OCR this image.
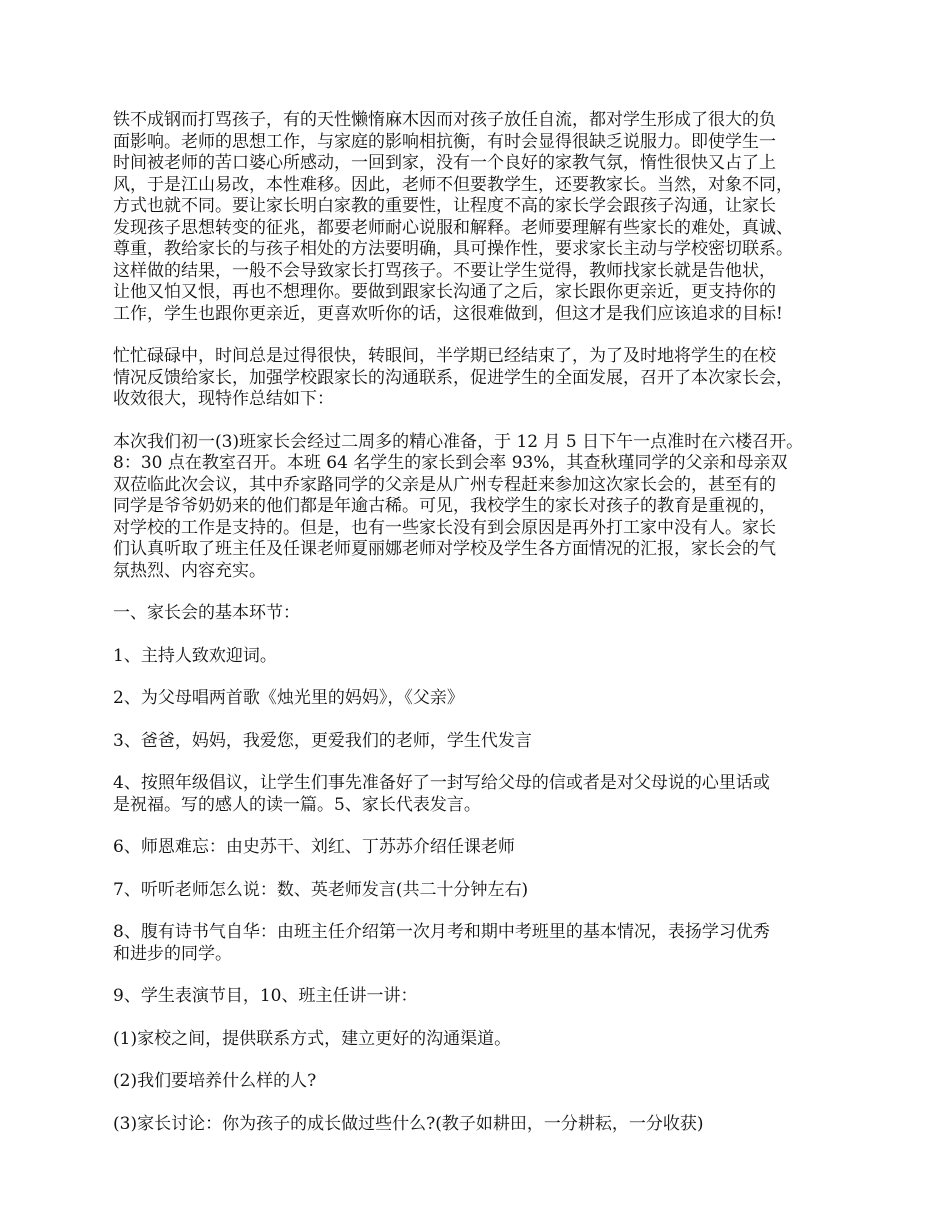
铁不成钢而打骂孩子，有的天性懒惰麻木因而对孩子放任自流，都对学生形成了很大的负
面影响。老师的思想工作，与家庭的影响相抗衡，有时会显得很缺乏说服力。即使学生一
时间被老师的苦口婆心所感动，一回到家，没有一个良好的家教气氛，惰性很快又占了上
风，于是江山易改，本性难移。因此，老师不但要教学生，还要教家长。当然，对象不同，
方式也就不同。要让家长明白家教的重要性，让程度不高的家长学会跟孩子沟通，让家长
发现孩子思想转变的征兆，都要老师耐心说服和解释。老师要理解有些家长的难处，真诚、
尊重，教给家长的与孩子相处的方法要明确，具可操作性，要求家长主动与学校密切联系。
这样做的结果，一般不会导致家长打骂孩子。不要让学生觉得，教师找家长就是告他状，
让他又怕又恨，再也不想理你。要做到跟家长沟通了之后，家长跟你更亲近，更支持你的
工作，学生也跟你更亲近，更喜欢听你的话，这很难做到，但这才是我们应该追求的目标!

忙忙碌碌中，时间总是过得很快，转眼间，半学期已经结束了，为了及时地将学生的在校
情况反馈给家长，加强学校跟家长的沟通联系，促进学生的全面发展，召开了本次家长会，
收效很大，现特作总结如下：

本次我们初一(3)班家长会经过二周多的精心准备，于 12 月 5 日下午一点准时在六楼召开。
8：30 点在教室召开。本班 64 名学生的家长到会率 93%，其查秋瑾同学的父亲和母亲双
双莅临此次会议，其中乔家路同学的父亲是从广州专程赶来参加这次家长会的，甚至有的
同学是爷爷奶奶来的他们都是年逾古稀。可见，我校学生的家长对孩子的教育是重视的，
对学校的工作是支持的。但是，也有一些家长没有到会原因是再外打工家中没有人。家长
们认真听取了班主任及任课老师夏丽娜老师对学校及学生各方面情况的汇报，家长会的气
氛热烈、内容充实。

一、家长会的基本环节：

1、主持人致欢迎词。

2、为父母唱两首歌《烛光里的妈妈》，《父亲》

3、爸爸，妈妈，我爱您，更爱我们的老师，学生代发言

4、按照年级倡议，让学生们事先准备好了一封写给父母的信或者是对父母说的心里话或
是祝福。写的感人的读一篇。5、家长代表发言。

6、师恩难忘：由史苏干、刘红、丁苏苏介绍任课老师

7、听听老师怎么说：数、英老师发言(共二十分钟左右)

8、腹有诗书气自华：由班主任介绍第一次月考和期中考班里的基本情况，表扬学习优秀
和进步的同学。

9、学生表演节目，10、班主任讲一讲：

(1)家校之间，提供联系方式，建立更好的沟通渠道。

(2)我们要培养什么样的人?

(3)家长讨论：你为孩子的成长做过些什么?(教子如耕田，一分耕耘，一分收获)
